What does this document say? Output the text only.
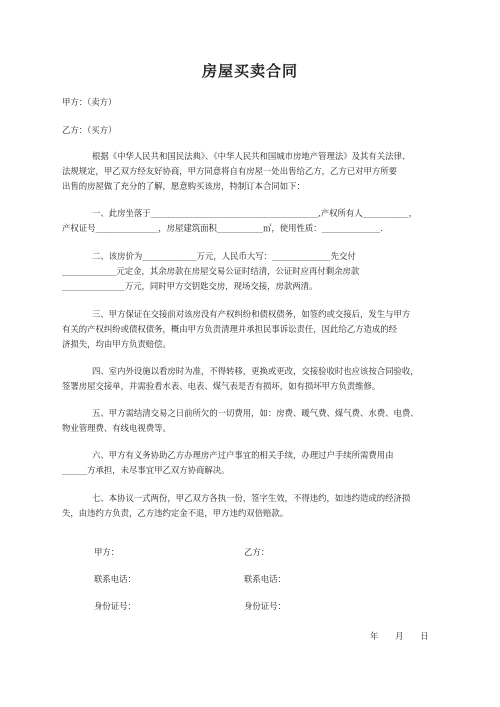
房屋买卖合同
甲方：（卖方）
乙方：（买方）
根据《中华人民共和国民法典》、《中华人民共和国城市房地产管理法》及其有关法律、
法规规定，甲乙双方经友好协商，甲方同意将自有房屋一处出售给乙方，乙方已对甲方所要
出售的房屋做了充分的了解，愿意购买该房，特制订本合同如下：
一、此房坐落于________________________________________,产权所有人___________，
产权证号_______________，房屋建筑面积___________㎡，使用性质：______________.
二、该房价为_____________万元，人民币大写：______________先交付
_____________元定金，其余房款在房屋交易公证时结清，公证时应再付剩余房款
_______________万元，同时甲方交钥匙交房，现场交接，房款两清。
三、甲方保证在交接前对该房没有产权纠纷和债权债务，如签约或交接后，发生与甲方
有关的产权纠纷或债权债务，概由甲方负责清理并承担民事诉讼责任，因此给乙方造成的经
济损失，均由甲方负责赔偿。
四、室内外设施以看房时为准，不得转移，更换或更改，交接验收时也应该按合同验收，
签署房屋交接单，并需验看水表、电表、煤气表是否有损坏，如有损坏甲方负责维修。
五、甲方需结清交易之日前所欠的一切费用，如：房费、暖气费、煤气费、水费、电费、
物业管理费、有线电视费等。
六、甲方有义务协助乙方办理房产过户事宜的相关手续，办理过户手续所需费用由
______方承担，未尽事宜甲乙双方协商解决。
七、本协议一式两份，甲乙双方各执一份，签字生效，不得违约，如违约造成的经济损
失，由违约方负责，乙方违约定金不退，甲方违约双倍赔款。
甲方：	乙方：
联系电话：	联系电话：
身份证号：	身份证号：
年　　月　　日
